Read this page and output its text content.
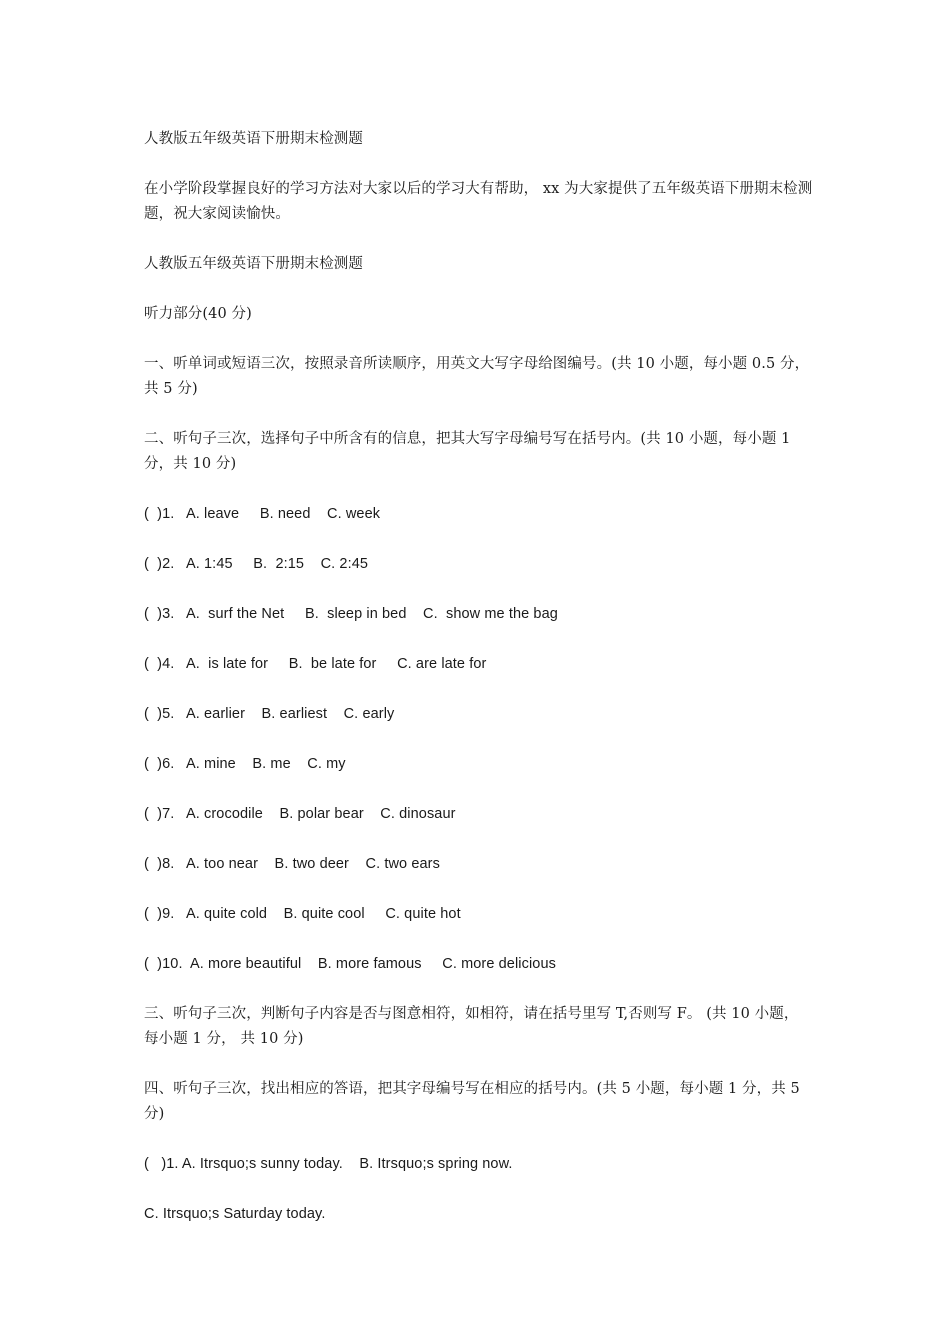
人教版五年级英语下册期末检测题

在小学阶段掌握良好的学习方法对大家以后的学习大有帮助， xx 为大家提供了五年级英语下册期末检测题，祝大家阅读愉快。

人教版五年级英语下册期末检测题

听力部分(40 分)

一、听单词或短语三次，按照录音所读顺序，用英文大写字母给图编号。(共 10 小题，每小题 0.5 分，共 5 分)

二、听句子三次，选择句子中所含有的信息，把其大写字母编号写在括号内。(共 10 小题，每小题 1 分，共 10 分)

(  )1.   A. leave     B. need    C. week

(  )2.   A. 1:45     B.  2:15    C. 2:45

(  )3.   A.  surf the Net     B.  sleep in bed    C.  show me the bag

(  )4.   A.  is late for     B.  be late for     C. are late for

(  )5.   A. earlier    B. earliest    C. early

(  )6.   A. mine    B. me    C. my

(  )7.   A. crocodile    B. polar bear    C. dinosaur

(  )8.   A. too near    B. two deer    C. two ears

(  )9.   A. quite cold    B. quite cool     C. quite hot

(  )10.  A. more beautiful    B. more famous     C. more delicious

三、听句子三次，判断句子内容是否与图意相符，如相符，请在括号里写 T,否则写 F。 (共 10 小题， 每小题 1 分， 共 10 分)

四、听句子三次，找出相应的答语，把其字母编号写在相应的括号内。(共 5 小题，每小题 1 分，共 5 分)

(   )1. A. Itrsquo;s sunny today.    B. Itrsquo;s spring now.

C. Itrsquo;s Saturday today.
